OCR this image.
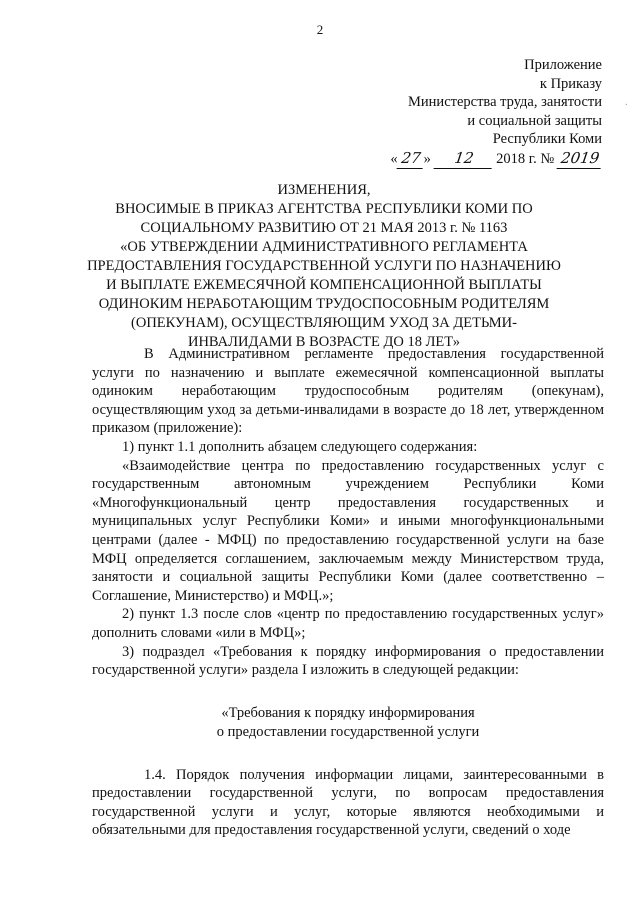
2
·
Приложение
к Приказу
Министерства труда, занятости
и социальной защиты
Республики Коми
« 27 » 12 2018 г. № 2019
ИЗМЕНЕНИЯ,
ВНОСИМЫЕ В ПРИКАЗ АГЕНТСТВА РЕСПУБЛИКИ КОМИ ПО
СОЦИАЛЬНОМУ РАЗВИТИЮ ОТ 21 МАЯ 2013 г. № 1163
«ОБ УТВЕРЖДЕНИИ АДМИНИСТРАТИВНОГО РЕГЛАМЕНТА
ПРЕДОСТАВЛЕНИЯ ГОСУДАРСТВЕННОЙ УСЛУГИ ПО НАЗНАЧЕНИЮ
И ВЫПЛАТЕ ЕЖЕМЕСЯЧНОЙ КОМПЕНСАЦИОННОЙ ВЫПЛАТЫ
ОДИНОКИМ НЕРАБОТАЮЩИМ ТРУДОСПОСОБНЫМ РОДИТЕЛЯМ
(ОПЕКУНАМ), ОСУЩЕСТВЛЯЮЩИМ УХОД ЗА ДЕТЬМИ-
ИНВАЛИДАМИ В ВОЗРАСТЕ ДО 18 ЛЕТ»

В Административном регламенте предоставления государственной услуги по назначению и выплате ежемесячной компенсационной выплаты одиноким неработающим трудоспособным родителям (опекунам), осуществляющим уход за детьми-инвалидами в возрасте до 18 лет, утвержденном приказом (приложение):

1) пункт 1.1 дополнить абзацем следующего содержания:

«Взаимодействие центра по предоставлению государственных услуг с государственным автономным учреждением Республики Коми «Многофункциональный центр предоставления государственных и муниципальных услуг Республики Коми» и иными многофункциональными центрами (далее - МФЦ) по предоставлению государственной услуги на базе МФЦ определяется соглашением, заключаемым между Министерством труда, занятости и социальной защиты Республики Коми (далее соответственно – Соглашение, Министерство) и МФЦ.»;

2) пункт 1.3 после слов «центр по предоставлению государственных услуг» дополнить словами «или в МФЦ»;

3) подраздел «Требования к порядку информирования о предоставлении государственной услуги» раздела I изложить в следующей редакции:

«Требования к порядку информирования
о предоставлении государственной услуги

1.4. Порядок получения информации лицами, заинтересованными в предоставлении государственной услуги, по вопросам предоставления государственной услуги и услуг, которые являются необходимыми и обязательными для предоставления государственной услуги, сведений о ходе
